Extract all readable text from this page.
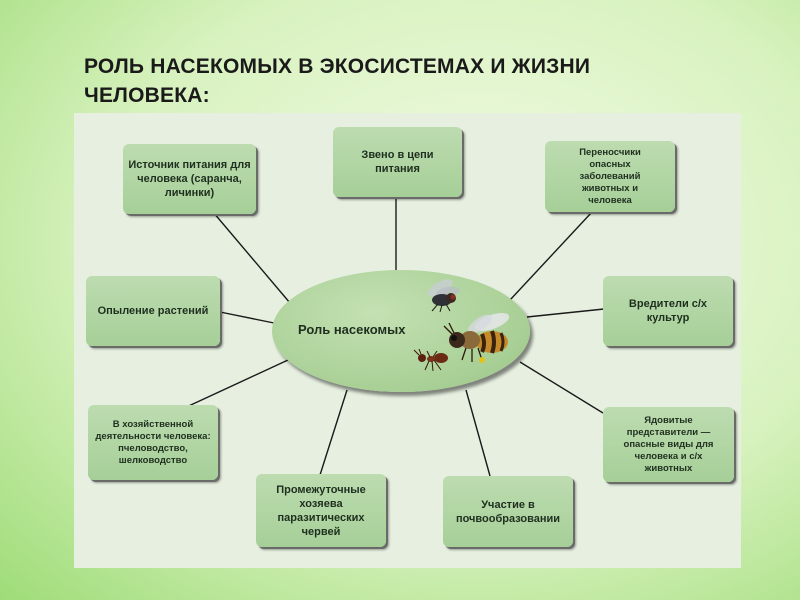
РОЛЬ НАСЕКОМЫХ В ЭКОСИСТЕМАХ И ЖИЗНИ
ЧЕЛОВЕКА:
Источник питания для человека (саранча, личинки)
Звено в цепи питания
Переносчики опасных заболеваний животных и человека
Опыление растений
Вредители с/х культур
В хозяйственной деятельности человека: пчеловодство, шелководство
Ядовитые представители — опасные виды для человека и с/х животных
Промежуточные хозяева паразитических червей
Участие в почвообразовании
Роль насекомых
